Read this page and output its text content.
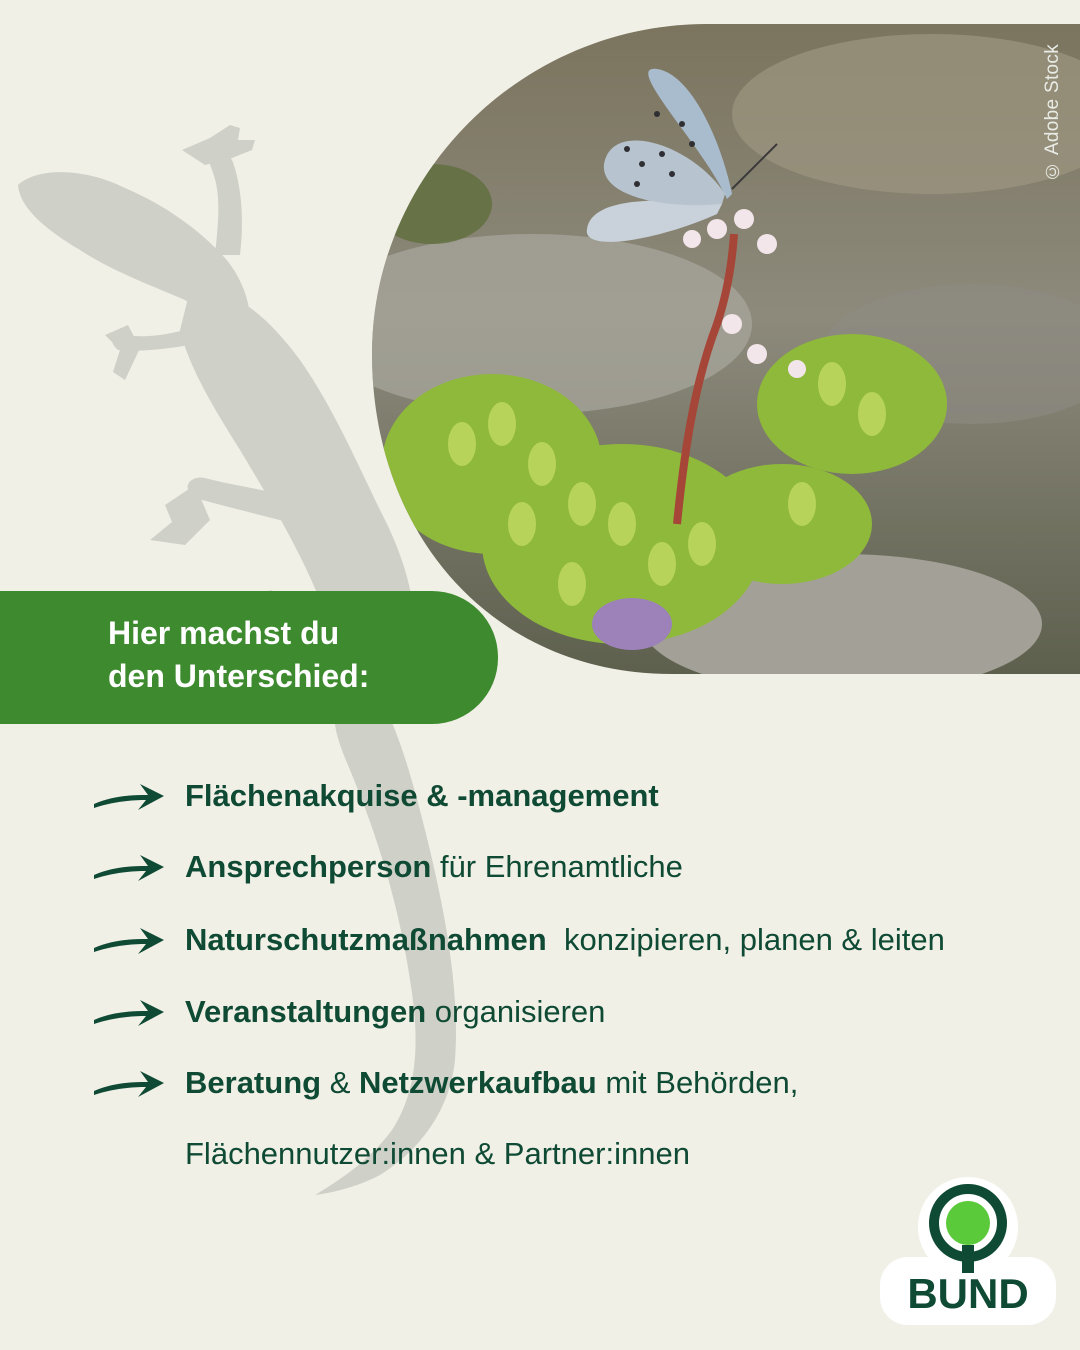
© Adobe Stock

Hier machst du
den Unterschied:

Flächenakquise & -management
Ansprechperson für Ehrenamtliche
Naturschutzmaßnahmen  konzipieren, planen & leiten
Veranstaltungen organisieren
Beratung & Netzwerkaufbau mit Behörden,
Flächennutzer:innen & Partner:innen
BUND
